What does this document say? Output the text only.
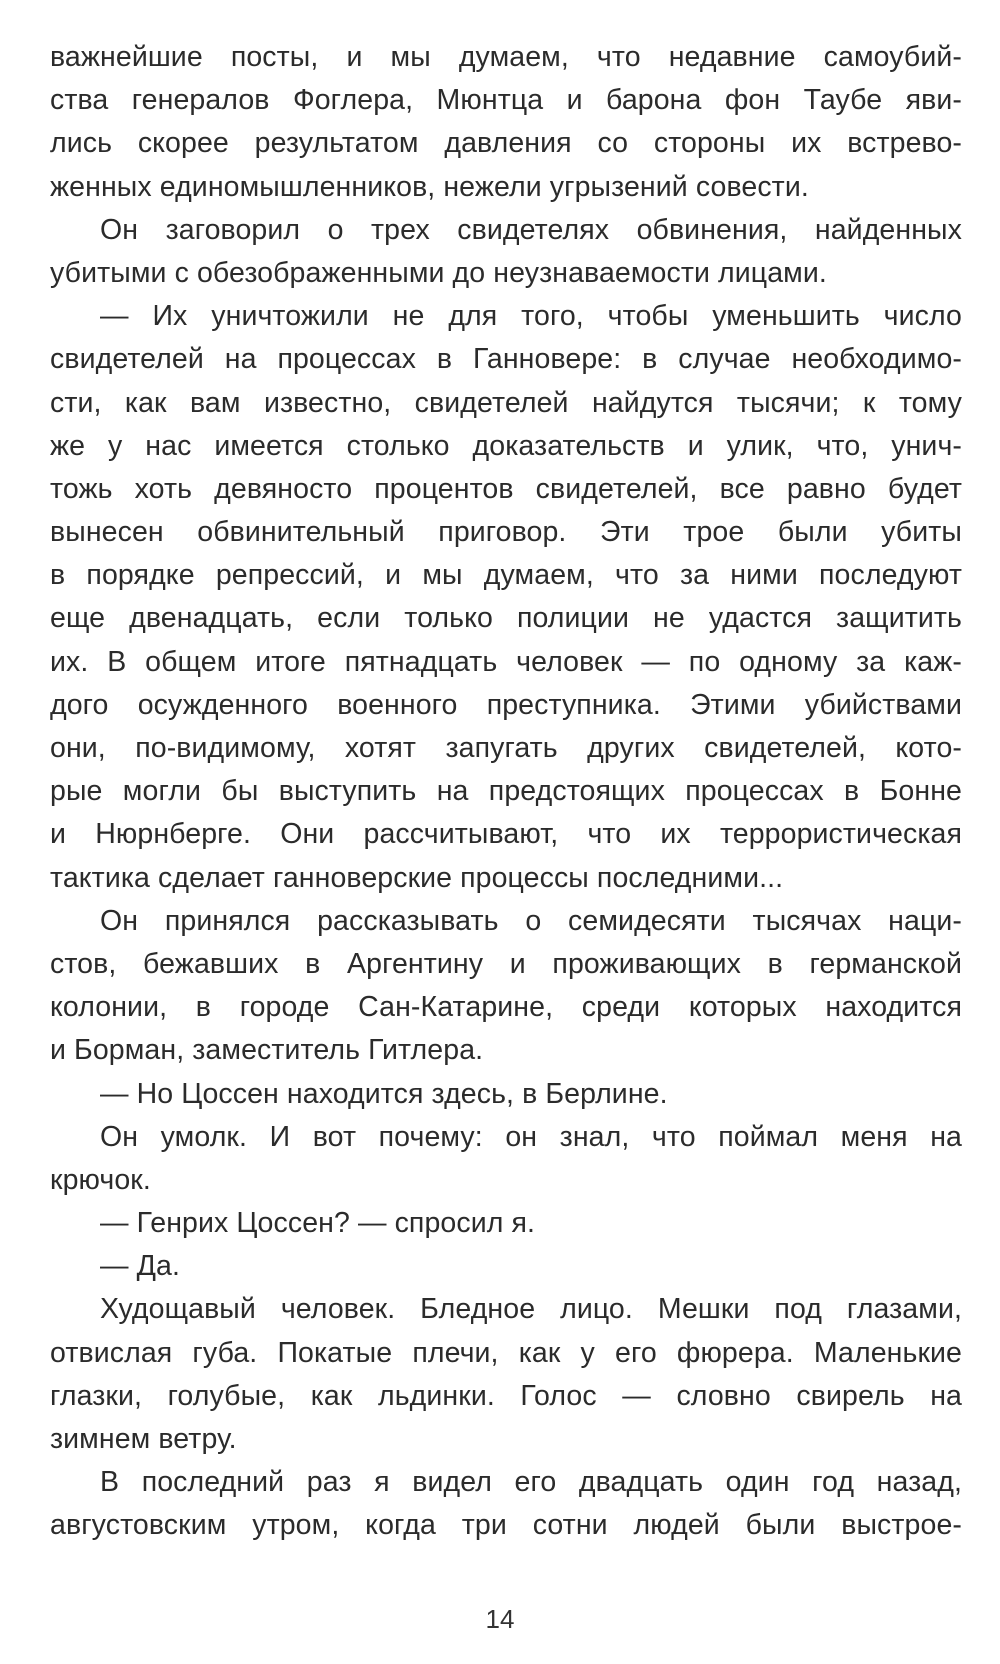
важнейшие посты, и мы думаем, что недавние самоубий-
ства генералов Фоглера, Мюнтца и барона фон Таубе яви-
лись скорее результатом давления со стороны их встрево-
женных единомышленников, нежели угрызений совести.
Он заговорил о трех свидетелях обвинения, найденных
убитыми с обезображенными до неузнаваемости лицами.
— Их уничтожили не для того, чтобы уменьшить число
свидетелей на процессах в Ганновере: в случае необходимо-
сти, как вам известно, свидетелей найдутся тысячи; к тому
же у нас имеется столько доказательств и улик, что, унич-
тожь хоть девяносто процентов свидетелей, все равно будет
вынесен обвинительный приговор. Эти трое были убиты
в порядке репрессий, и мы думаем, что за ними последуют
еще двенадцать, если только полиции не удастся защитить
их. В общем итоге пятнадцать человек — по одному за каж-
дого осужденного военного преступника. Этими убийствами
они, по-видимому, хотят запугать других свидетелей, кото-
рые могли бы выступить на предстоящих процессах в Бонне
и Нюрнберге. Они рассчитывают, что их террористическая
тактика сделает ганноверские процессы последними...
Он принялся рассказывать о семидесяти тысячах наци-
стов, бежавших в Аргентину и проживающих в германской
колонии, в городе Сан-Катарине, среди которых находится
и Борман, заместитель Гитлера.
— Но Цоссен находится здесь, в Берлине.
Он умолк. И вот почему: он знал, что поймал меня на
крючок.
— Генрих Цоссен? — спросил я.
— Да.
Худощавый человек. Бледное лицо. Мешки под глазами,
отвислая губа. Покатые плечи, как у его фюрера. Маленькие
глазки, голубые, как льдинки. Голос — словно свирель на
зимнем ветру.
В последний раз я видел его двадцать один год назад,
августовским утром, когда три сотни людей были выстрое-
14
